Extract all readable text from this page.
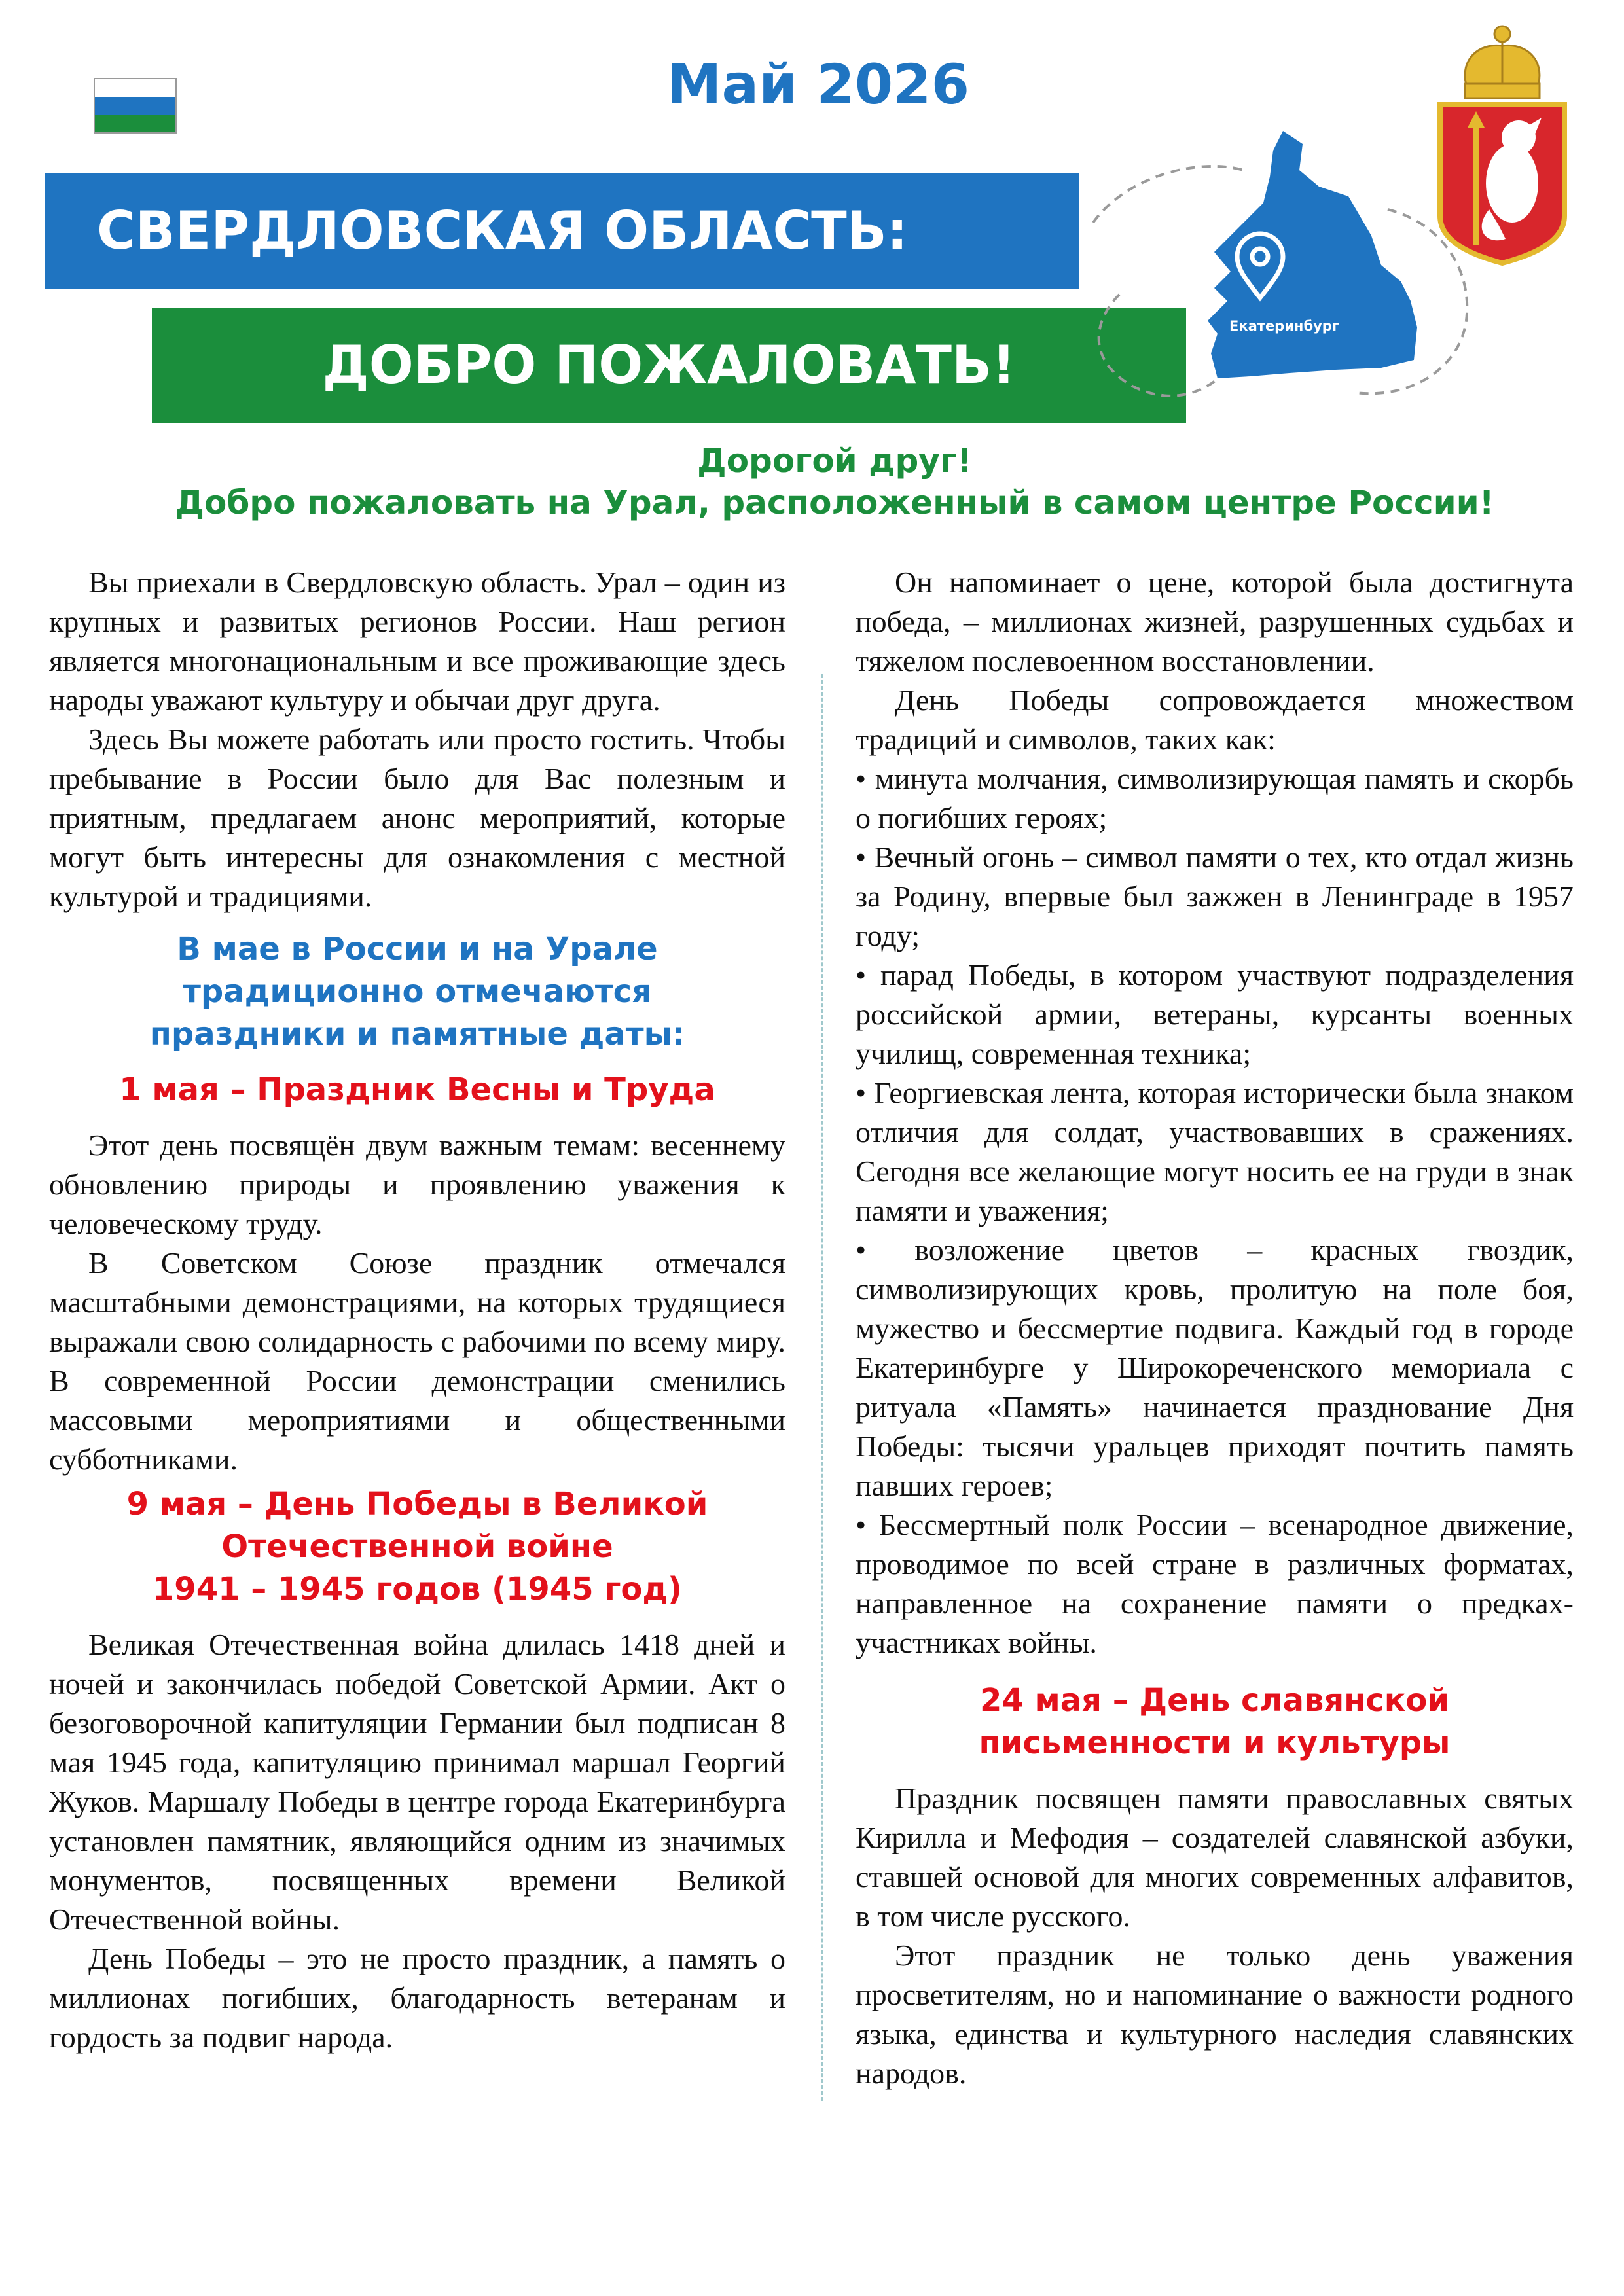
Май 2026
СВЕРДЛОВСКАЯ ОБЛАСТЬ:
ДОБРО ПОЖАЛОВАТЬ!
Екатеринбург
Дорогой друг!
Добро пожаловать на Урал, расположенный в самом центре России!

Вы приехали в Свердловскую область. Урал – один из крупных и развитых регионов России. Наш регион является многонациональным и все проживающие здесь народы уважают культуру и обычаи друг друга.

Здесь Вы можете работать или просто гостить. Чтобы пребывание в России было для Вас полезным и приятным, предлагаем анонс мероприятий, которые могут быть интересны для ознакомления с местной культурой и традициями.

В мае в России и на Урале
традиционно отмечаются
праздники и памятные даты:
1 мая – Праздник Весны и Труда

Этот день посвящён двум важным темам: весеннему обновлению природы и проявлению уважения к человеческому труду.

В Советском Союзе праздник отмечался масштабными демонстрациями, на которых трудящиеся выражали свою солидарность с рабочими по всему миру. В современной России демонстрации сменились массовыми мероприятиями и общественными субботниками.

9 мая – День Победы в Великой
Отечественной войне
1941 – 1945 годов (1945 год)

Великая Отечественная война длилась 1418 дней и ночей и закончилась победой Советской Армии. Акт о безоговорочной капитуляции Германии был подписан 8 мая 1945 года, капитуляцию принимал маршал Георгий Жуков. Маршалу Победы в центре города Екатеринбурга установлен памятник, являющийся одним из значимых монументов, посвященных времени Великой Отечественной войны.

День Победы – это не просто праздник, а память о миллионах погибших, благодарность ветеранам и гордость за подвиг народа.

Он напоминает о цене, которой была достигнута победа, – миллионах жизней, разрушенных судьбах и тяжелом послевоенном восстановлении.

День Победы сопровождается множеством традиций и символов, таких как:

• минута молчания, символизирующая память и скорбь о погибших героях;

• Вечный огонь – символ памяти о тех, кто отдал жизнь за Родину, впервые был зажжен в Ленинграде в 1957 году;

• парад Победы, в котором участвуют подразделения российской армии, ветераны, курсанты военных училищ, современная техника;

• Георгиевская лента, которая исторически была знаком отличия для солдат, участвовавших в сражениях. Сегодня все желающие могут носить ее на груди в знак памяти и уважения;

• возложение цветов – красных гвоздик, символизирующих кровь, пролитую на поле боя, мужество и бессмертие подвига. Каждый год в городе Екатеринбурге у Широкореченского мемориала с ритуала «Память» начинается празднование Дня Победы: тысячи уральцев приходят почтить память павших героев;

• Бессмертный полк России – всенародное движение, проводимое по всей стране в различных форматах, направленное на сохранение памяти о предках-участниках войны.

24 мая – День славянской
письменности и культуры

Праздник посвящен памяти православных святых Кирилла и Мефодия – создателей славянской азбуки, ставшей основой для многих современных алфавитов, в том числе русского.

Этот праздник не только день уважения просветителям, но и напоминание о важности родного языка, единства и культурного наследия славянских народов.
